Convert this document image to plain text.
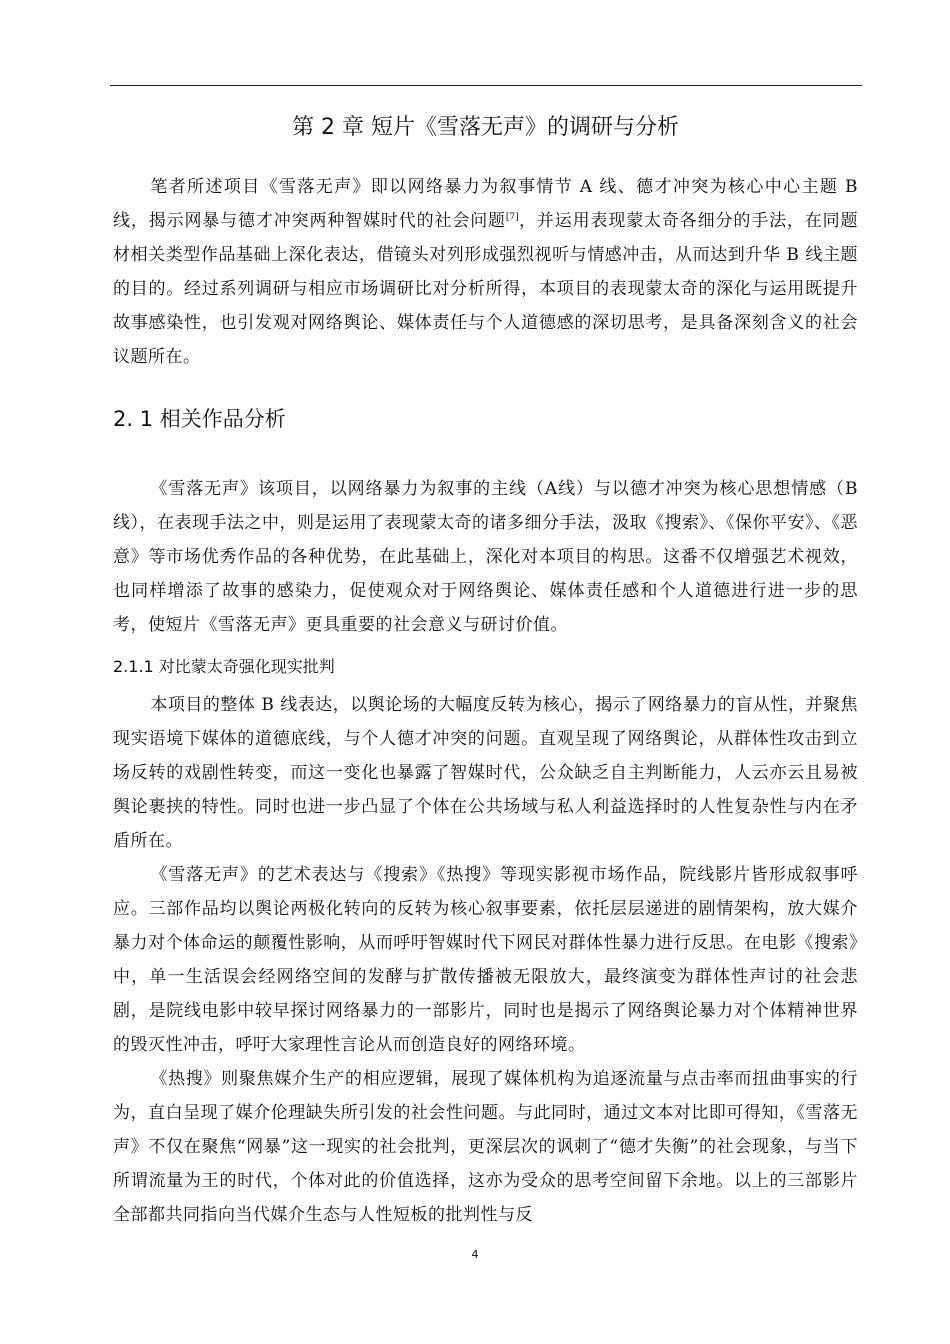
第 2 章 短片《雪落无声》的调研与分析

笔者所述项目《雪落无声》即以网络暴力为叙事情节 A 线、德才冲突为核心中心主题 B 线，揭示网暴与德才冲突两种智媒时代的社会问题[7]，并运用表现蒙太奇各细分的手法，在同题材相关类型作品基础上深化表达，借镜头对列形成强烈视听与情感冲击，从而达到升华 B 线主题的目的。经过系列调研与相应市场调研比对分析所得，本项目的表现蒙太奇的深化与运用既提升故事感染性，也引发观对网络舆论、媒体责任与个人道德感的深切思考，是具备深刻含义的社会议题所在。

2. 1 相关作品分析

《雪落无声》该项目，以网络暴力为叙事的主线（A线）与以德才冲突为核心思想情感（B线），在表现手法之中，则是运用了表现蒙太奇的诸多细分手法，汲取《搜索》、《保你平安》、《恶意》等市场优秀作品的各种优势，在此基础上，深化对本项目的构思。这番不仅增强艺术视效，也同样增添了故事的感染力，促使观众对于网络舆论、媒体责任感和个人道德进行进一步的思考，使短片《雪落无声》更具重要的社会意义与研讨价值。

2.1.1 对比蒙太奇强化现实批判

本项目的整体 B 线表达，以舆论场的大幅度反转为核心，揭示了网络暴力的盲从性，并聚焦现实语境下媒体的道德底线，与个人德才冲突的问题。直观呈现了网络舆论，从群体性攻击到立场反转的戏剧性转变，而这一变化也暴露了智媒时代，公众缺乏自主判断能力，人云亦云且易被舆论裹挟的特性。同时也进一步凸显了个体在公共场域与私人利益选择时的人性复杂性与内在矛盾所在。

《雪落无声》的艺术表达与《搜索》《热搜》等现实影视市场作品，院线影片皆形成叙事呼应。三部作品均以舆论两极化转向的反转为核心叙事要素，依托层层递进的剧情架构，放大媒介暴力对个体命运的颠覆性影响，从而呼吁智媒时代下网民对群体性暴力进行反思。在电影《搜索》中，单一生活误会经网络空间的发酵与扩散传播被无限放大，最终演变为群体性声讨的社会悲剧，是院线电影中较早探讨网络暴力的一部影片，同时也是揭示了网络舆论暴力对个体精神世界的毁灭性冲击，呼吁大家理性言论从而创造良好的网络环境。

《热搜》则聚焦媒介生产的相应逻辑，展现了媒体机构为追逐流量与点击率而扭曲事实的行为，直白呈现了媒介伦理缺失所引发的社会性问题。与此同时，通过文本对比即可得知，《雪落无声》不仅在聚焦“网暴”这一现实的社会批判，更深层次的讽刺了“德才失衡”的社会现象，与当下所谓流量为王的时代，个体对此的价值选择，这亦为受众的思考空间留下余地。以上的三部影片全部都共同指向当代媒介生态与人性短板的批判性与反

4
